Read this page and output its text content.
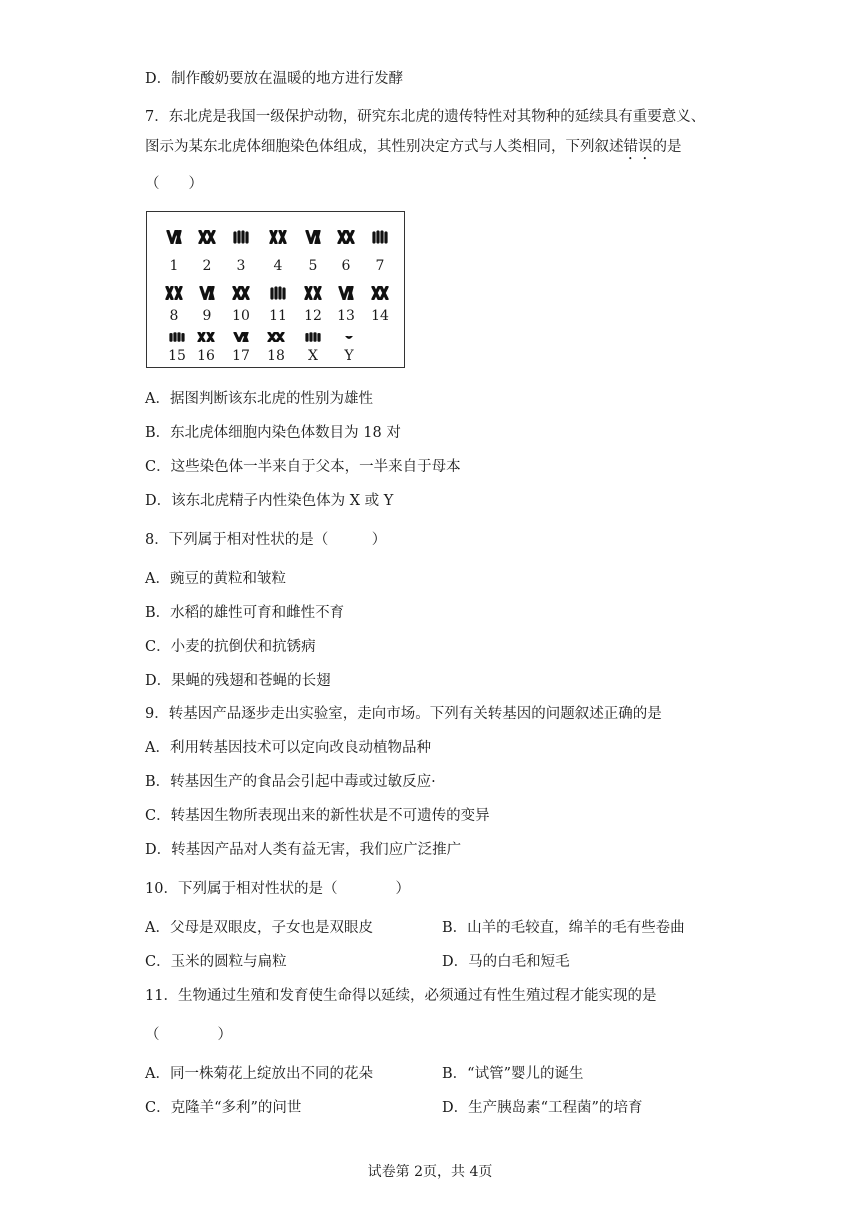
D．制作酸奶要放在温暖的地方进行发酵
7．东北虎是我国一级保护动物，研究东北虎的遗传特性对其物种的延续具有重要意义、
图示为某东北虎体细胞染色体组成，其性别决定方式与人类相同，下列叙述错误的是
（　　）
1	2	3	4	5	6	7
8	9	10	11	12	13	14
15 16	17	18	X	Y
A．据图判断该东北虎的性别为雄性
B．东北虎体细胞内染色体数目为 18 对
C．这些染色体一半来自于父本，一半来自于母本
D．该东北虎精子内性染色体为 X 或 Y
8．下列属于相对性状的是（　　　）
A．豌豆的黄粒和皱粒
B．水稻的雄性可育和雌性不育
C．小麦的抗倒伏和抗锈病
D．果蝇的残翅和苍蝇的长翅
9．转基因产品逐步走出实验室，走向市场。下列有关转基因的问题叙述正确的是
A．利用转基因技术可以定向改良动植物品种
B．转基因生产的食品会引起中毒或过敏反应·
C．转基因生物所表现出来的新性状是不可遗传的变异
D．转基因产品对人类有益无害，我们应广泛推广
10．下列属于相对性状的是（　　　　）
A．父母是双眼皮，子女也是双眼皮	B．山羊的毛较直，绵羊的毛有些卷曲
C．玉米的圆粒与扁粒	D．马的白毛和短毛
11．生物通过生殖和发育使生命得以延续，必须通过有性生殖过程才能实现的是
（　　　　）
A．同一株菊花上绽放出不同的花朵	B．“试管”婴儿的诞生
C．克隆羊“多利”的问世	D．生产胰岛素“工程菌”的培育
试卷第 2页，共 4页
